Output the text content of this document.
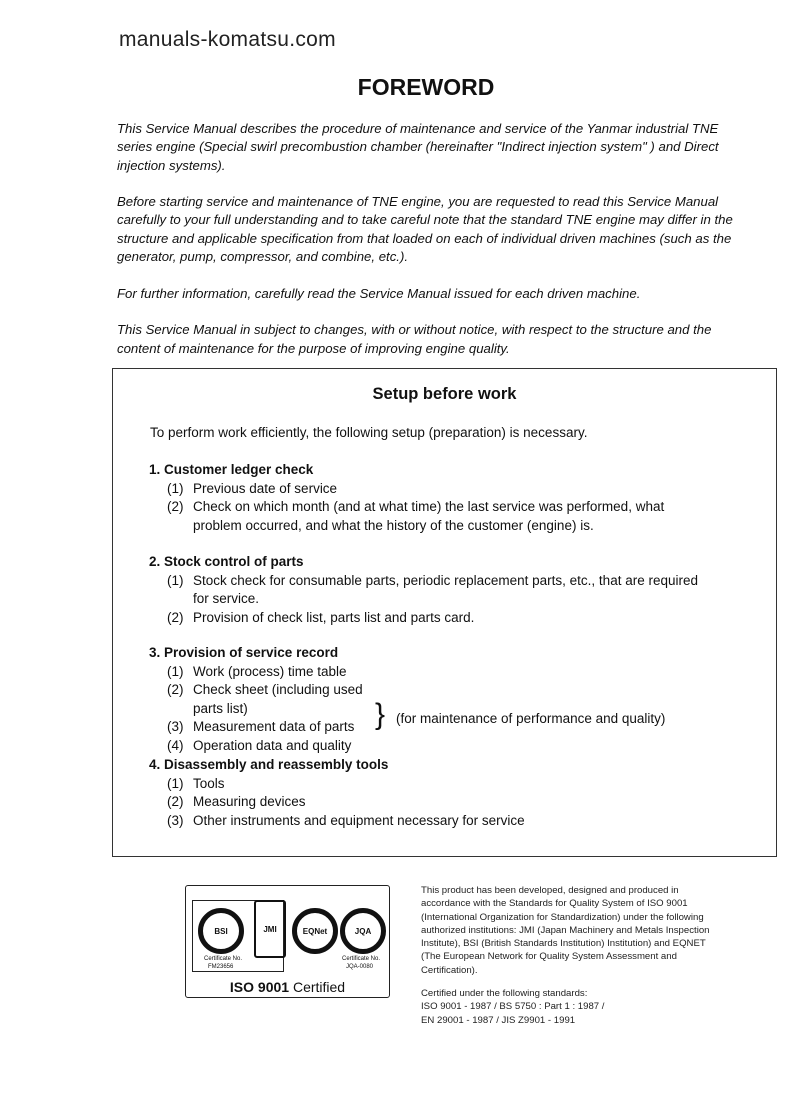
manuals-komatsu.com
FOREWORD

This Service Manual describes the procedure of maintenance and service of the Yanmar industrial TNE series engine (Special swirl precombustion chamber (hereinafter "Indirect injection system" ) and Direct injection systems).

Before starting service and maintenance of TNE engine, you are requested to read this Service Manual carefully to your full understanding and to take careful note that the standard TNE engine may differ in the structure and applicable specification from that loaded on each of individual driven machines (such as the generator, pump, compressor, and combine, etc.).

For further information, carefully read the Service Manual issued for each driven machine.

This Service Manual in subject to changes, with or without notice, with respect to the structure and the content of maintenance for the purpose of improving engine quality.

Setup before work
To perform work efficiently, the following setup (preparation) is necessary.
1. Customer ledger check
(1) Previous date of service
(2) Check on which month (and at what time) the last service was performed, what problem occurred, and what the history of the customer (engine) is.
2. Stock control of parts
(1) Stock check for consumable parts, periodic replacement parts, etc., that are required for service.
(2) Provision of check list, parts list and parts card.
3. Provision of service record
(1) Work (process) time table
(2) Check sheet (including used parts list)
(3) Measurement data of parts
(4) Operation data and quality
} (for maintenance of performance and quality)
4. Disassembly and reassembly tools
(1) Tools
(2) Measuring devices
(3) Other instruments and equipment necessary for service
BSI	JMI	EQNet	JQA
Certificate No.
FM23656
Certificate No.
JQA-0080
ISO 9001 Certified

This product has been developed, designed and produced in accordance with the Standards for Quality System of ISO 9001 (International Organization for Standardization) under the following authorized institutions: JMI (Japan Machinery and Metals Inspection Institute), BSI (British Standards Institution) Institution) and EQNET (The European Network for Quality System Assessment and Certification).

Certified under the following standards:
ISO 9001 - 1987 / BS 5750 : Part 1 : 1987 /
EN 29001 - 1987 / JIS Z9901 - 1991
